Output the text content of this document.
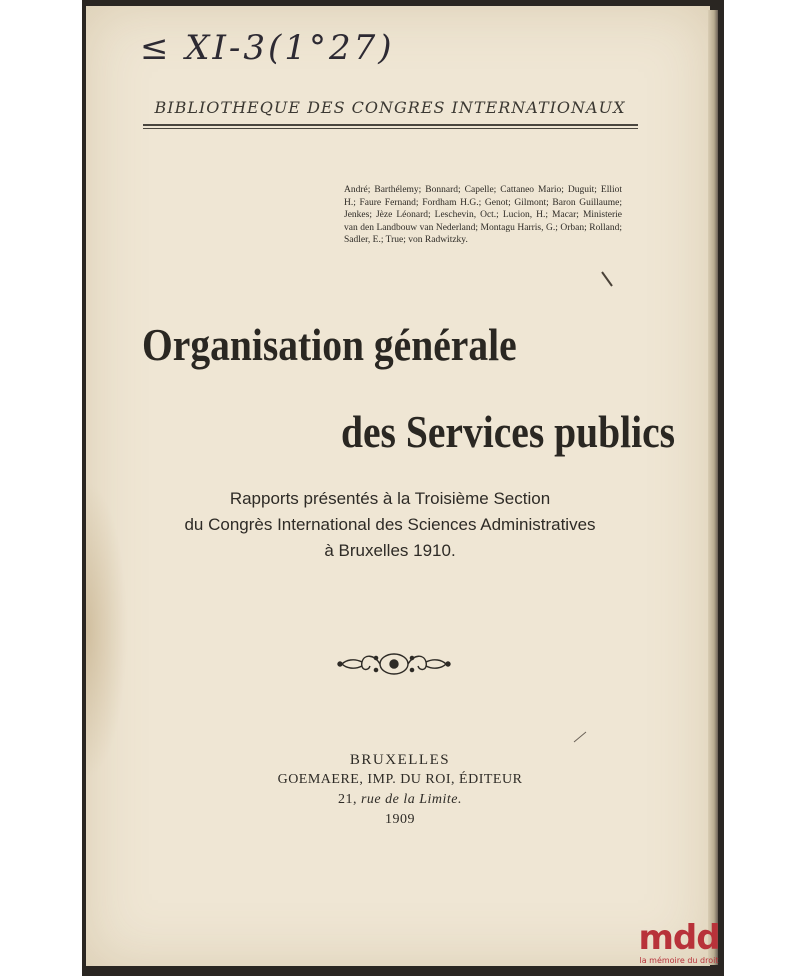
≤ XI-3(1°27)
BIBLIOTHEQUE DES CONGRES INTERNATIONAUX
André; Barthélemy; Bonnard; Capelle; Cattaneo Mario; Duguit; Elliot H.; Faure Fernand; Fordham H.G.; Genot; Gilmont; Baron Guillaume; Jenkes; Jèze Léonard; Leschevin, Oct.; Lucion, H.; Macar; Ministerie van den Landbouw van Nederland; Montagu Harris, G.; Orban; Rolland; Sadler, E.; True; von Radwitzky.
Organisation générale
des Services publics
Rapports présentés à la Troisième Section
du Congrès International des Sciences Administratives
à Bruxelles 1910.
BRUXELLES
GOEMAERE, IMP. DU ROI, ÉDITEUR
21, rue de la Limite.
1909
mdd
la mémoire du droit
